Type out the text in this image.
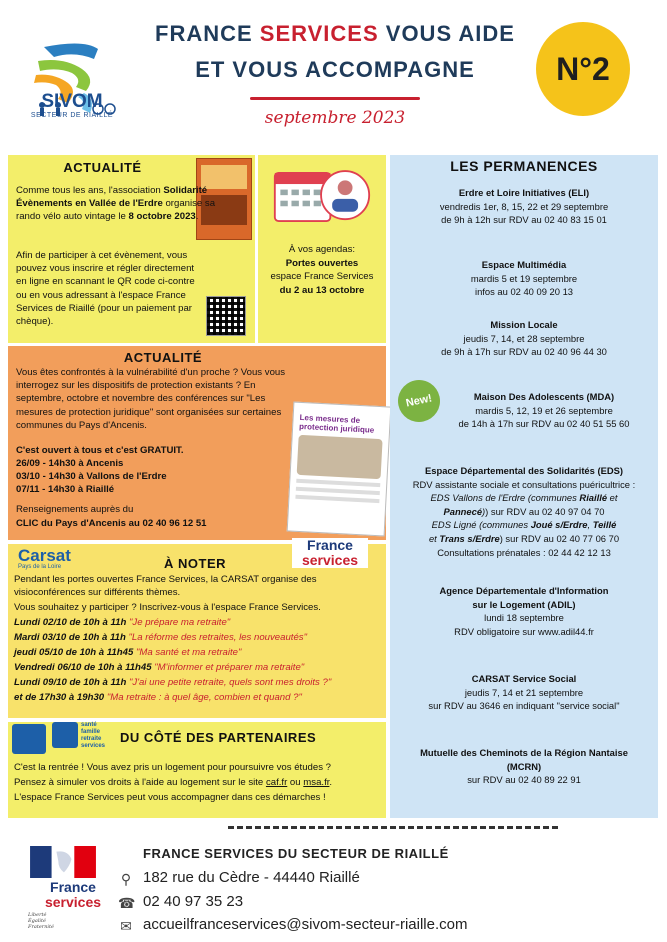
SIVOM
SECTEUR DE RIAILLÉ
FRANCE SERVICES VOUS AIDE
ET VOUS ACCOMPAGNE
septembre 2023
N°2
ACTUALITÉ
Comme tous les ans, l'association Solidarité Évènements en Vallée de l'Erdre organise sa rando vélo auto vintage le 8 octobre 2023.
Afin de participer à cet évènement, vous pouvez vous inscrire et régler directement en ligne en scannant le QR code ci-contre ou en vous adressant à l'espace France Services de Riaillé (pour un paiement par chèque).
À vos agendas:
Portes ouvertes
espace France Services du 2 au 13 octobre
ACTUALITÉ
Vous êtes confrontés à la vulnérabilité d'un proche ? Vous vous interrogez sur les dispositifs de protection existants ? En septembre, octobre et novembre des conférences sur "Les mesures de protection juridique" sont organisées sur certaines communes du Pays d'Ancenis.
C'est ouvert à tous et c'est GRATUIT.
26/09 - 14h30 à Ancenis
03/10 - 14h30 à Vallons de l'Erdre
07/11 - 14h30 à Riaillé
Renseignements auprès du
CLIC du Pays d'Ancenis au 02 40 96 12 51
Les mesures de protection juridique
Carsat
Pays de la Loire	À NOTER
France
services
Pendant les portes ouvertes France Services, la CARSAT organise des visioconférences sur différents thèmes.
Vous souhaitez y participer ? Inscrivez-vous à l'espace France Services.
Lundi 02/10 de 10h à 11h "Je prépare ma retraite"
Mardi 03/10 de 10h à 11h "La réforme des retraites, les nouveautés"
jeudi 05/10 de 10h à 11h45 "Ma santé et ma retraite"
Vendredi 06/10 de 10h à 11h45 "M'informer et préparer ma retraite"
Lundi 09/10 de 10h à 11h "J'ai une petite retraite, quels sont mes droits ?"
et de 17h30 à 19h30 "Ma retraite : à quel âge, combien et quand ?"
santé famille retraite services
DU CÔTÉ DES PARTENAIRES
C'est la rentrée ! Vous avez pris un logement pour poursuivre vos études ?
Pensez à simuler vos droits à l'aide au logement sur le site caf.fr ou msa.fr.
L'espace France Services peut vous accompagner dans ces démarches !
LES PERMANENCES
Erdre et Loire Initiatives (ELI)
vendredis 1er, 8, 15, 22 et 29 septembre
de 9h à 12h sur RDV au 02 40 83 15 01
Espace Multimédia
mardis 5 et 19 septembre
infos au 02 40 09 20 13
Mission Locale
jeudis 7, 14, et 28 septembre
de 9h à 17h sur RDV au 02 40 96 44 30
New!	Maison Des Adolescents (MDA)
mardis 5, 12, 19 et 26 septembre
de 14h à 17h sur RDV au 02 40 51 55 60
Espace Départemental des Solidarités (EDS)
RDV assistante sociale et consultations puéricultrice :
EDS Vallons de l'Erdre (communes Riaillé et
Pannecé)) sur RDV au 02 40 97 04 70
EDS Ligné (communes Joué s/Erdre, Teillé
et Trans s/Erdre) sur RDV au 02 40 77 06 70
Consultations prénatales : 02 44 42 12 13
Agence Départementale d'Information
sur le Logement (ADIL)
lundi 18 septembre
RDV obligatoire sur www.adil44.fr
CARSAT Service Social
jeudis 7, 14 et 21 septembre
sur RDV au 3646 en indiquant "service social"
Mutuelle des Cheminots de la Région Nantaise
(MCRN)
sur RDV au 02 40 89 22 91
France
services
Liberté
Égalité
Fraternité
FRANCE SERVICES DU SECTEUR DE RIAILLÉ
⚲ 182 rue du Cèdre - 44440 Riaillé
☎ 02 40 97 35 23
✉ accueilfranceservices@sivom-secteur-riaille.com
